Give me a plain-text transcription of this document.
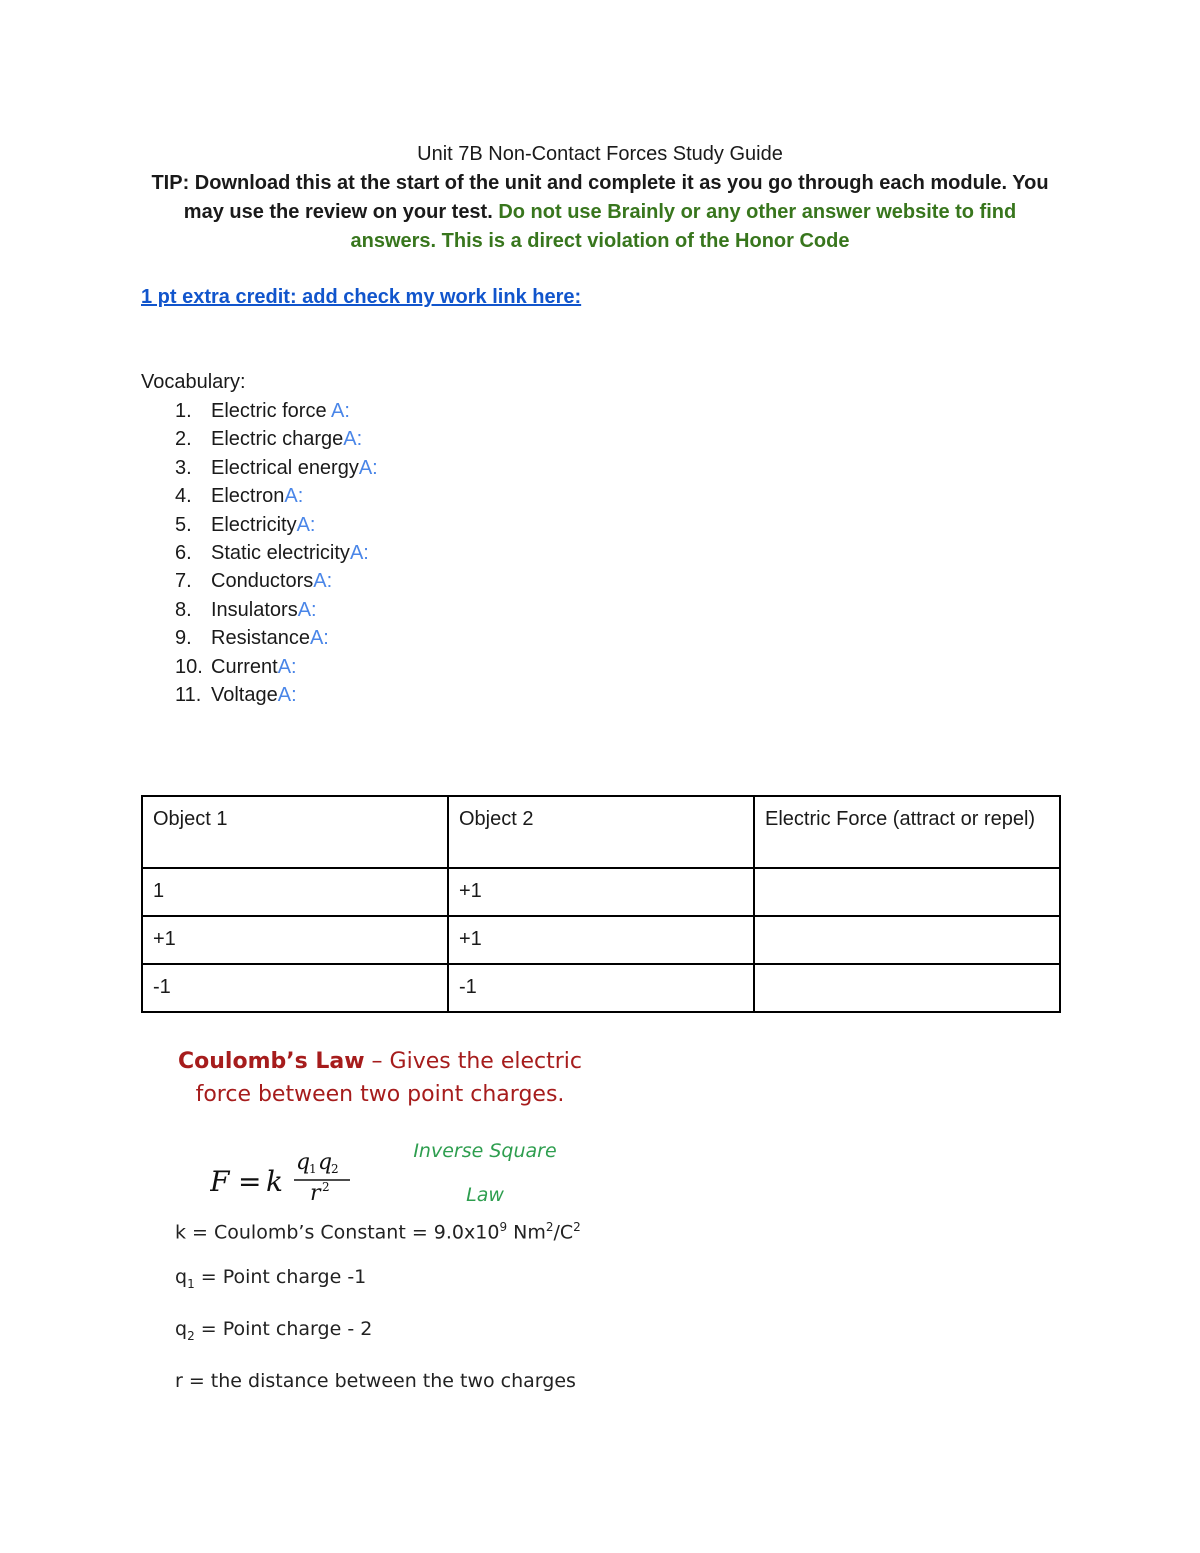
Unit 7B Non-Contact Forces Study Guide
TIP: Download this at the start of the unit and complete it as you go through each module. You may use the review on your test. Do not use Brainly or any other answer website to find answers. This is a direct violation of the Honor Code
1 pt extra credit: add check my work link here:
Vocabulary:
1. Electric force A:
2. Electric chargeA:
3. Electrical energyA:
4. ElectronA:
5. ElectricityA:
6. Static electricityA:
7. ConductorsA:
8. InsulatorsA:
9. ResistanceA:
10. CurrentA:
11. VoltageA:
Object 1	Object 2	Electric Force (attract or repel)
1	+1	
+1	+1	
-1	-1	
Coulomb’s Law – Gives the electric force between two point charges.
F = k
q
1 q
2
r 2
Inverse Square
Law
k = Coulomb’s Constant = $9.0x10^9$ $Nm^2/C^2$
$q_1$ = Point charge -1
$q_2$ = Point charge - 2
r = the distance between the two charges
